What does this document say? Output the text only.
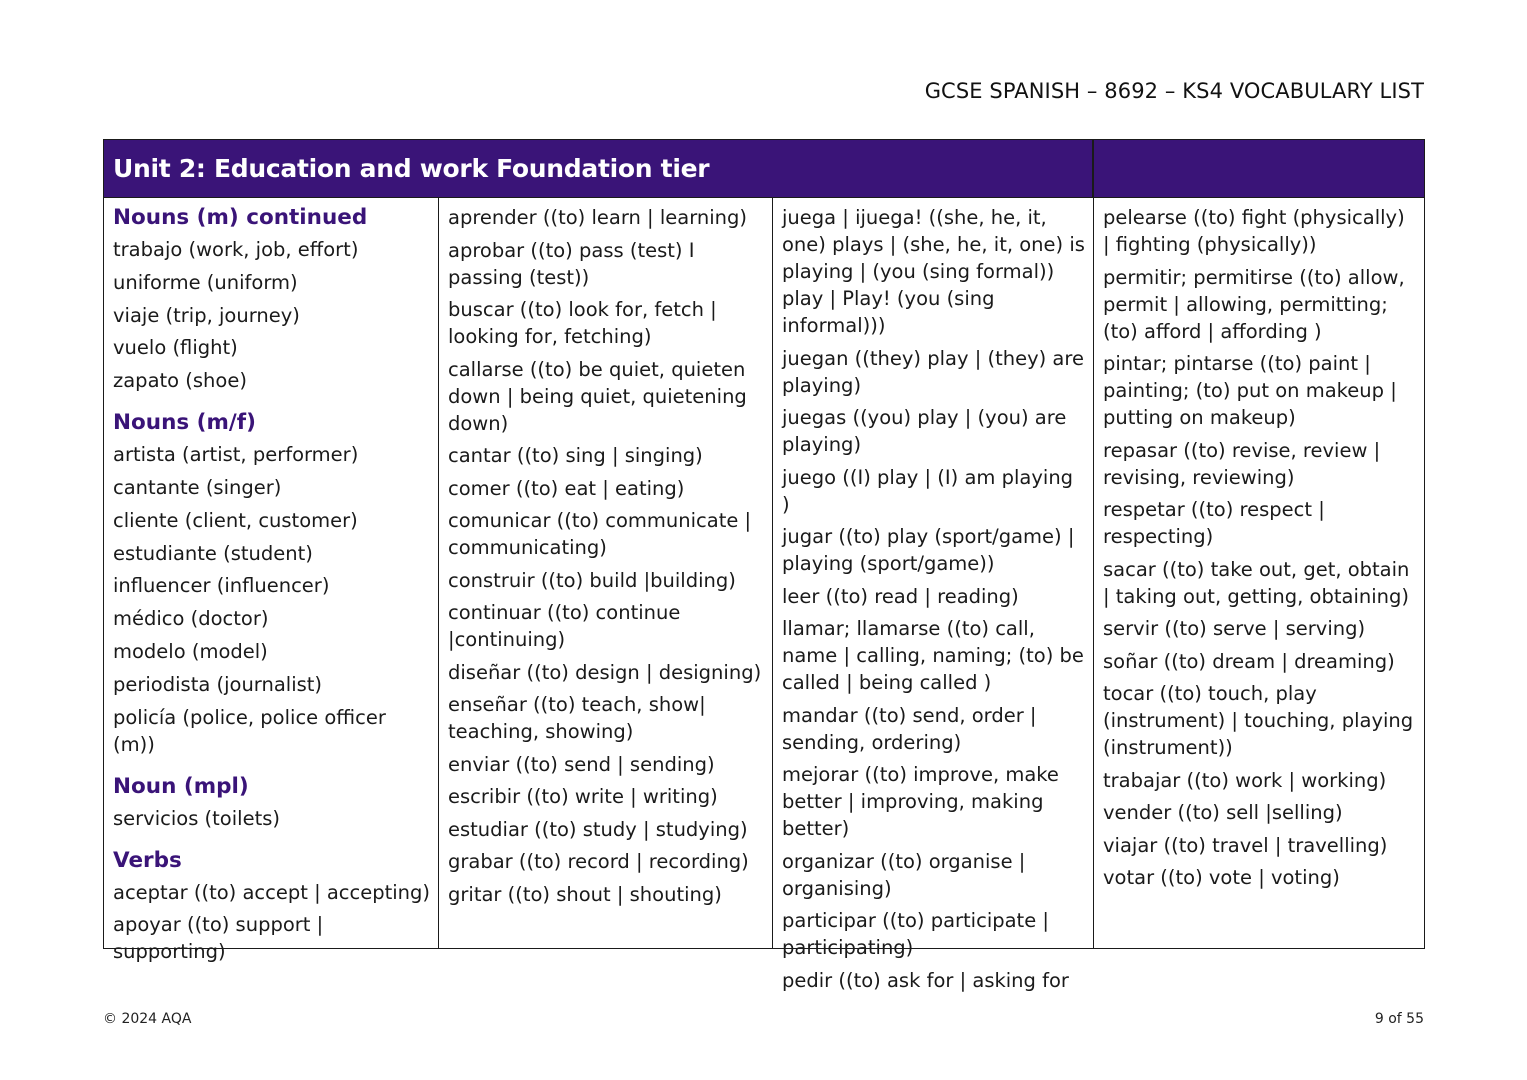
GCSE SPANISH – 8692 – KS4 VOCABULARY LIST
Unit 2: Education and work Foundation tier
Nouns (m) continued
trabajo (work, job, effort)
uniforme (uniform)
viaje (trip, journey)
vuelo (flight)
zapato (shoe)
Nouns (m/f)
artista (artist, performer)
cantante (singer)
cliente (client, customer)
estudiante (student)
influencer (influencer)
médico (doctor)
modelo (model)
periodista (journalist)
policía (police, police officer (m))
Noun (mpl)
servicios (toilets)
Verbs
aceptar ((to) accept | accepting)
apoyar ((to) support | supporting)
aprender ((to) learn | learning)
aprobar ((to) pass (test) I passing (test))
buscar ((to) look for, fetch | looking for, fetching)
callarse ((to) be quiet, quieten down | being quiet, quietening down)
cantar ((to) sing | singing)
comer ((to) eat | eating)
comunicar ((to) communicate | communicating)
construir ((to) build |building)
continuar ((to) continue |continuing)
diseñar ((to) design | designing)
enseñar ((to) teach, show| teaching, showing)
enviar ((to) send | sending)
escribir ((to) write | writing)
estudiar ((to) study | studying)
grabar ((to) record | recording)
gritar ((to) shout | shouting)
juega | ijuega! ((she, he, it, one) plays | (she, he, it, one) is playing | (you (sing formal)) play | Play! (you (sing informal)))
juegan ((they) play | (they) are playing)
juegas ((you) play | (you) are playing)
juego ((I) play | (I) am playing )
jugar ((to) play (sport/game) | playing (sport/game))
leer ((to) read | reading)
llamar; llamarse ((to) call, name | calling, naming; (to) be called | being called )
mandar ((to) send, order | sending, ordering)
mejorar ((to) improve, make better | improving, making better)
organizar ((to) organise | organising)
participar ((to) participate | participating)
pedir ((to) ask for | asking for
pelearse ((to) fight (physically) | fighting (physically))
permitir; permitirse ((to) allow, permit | allowing, permitting; (to) afford | affording )
pintar; pintarse ((to) paint | painting; (to) put on makeup | putting on makeup)
repasar ((to) revise, review | revising, reviewing)
respetar ((to) respect | respecting)
sacar ((to) take out, get, obtain | taking out, getting, obtaining)
servir ((to) serve | serving)
soñar ((to) dream | dreaming)
tocar ((to) touch, play (instrument) | touching, playing (instrument))
trabajar ((to) work | working)
vender ((to) sell |selling)
viajar ((to) travel | travelling)
votar ((to) vote | voting)
© 2024 AQA	9 of 55
